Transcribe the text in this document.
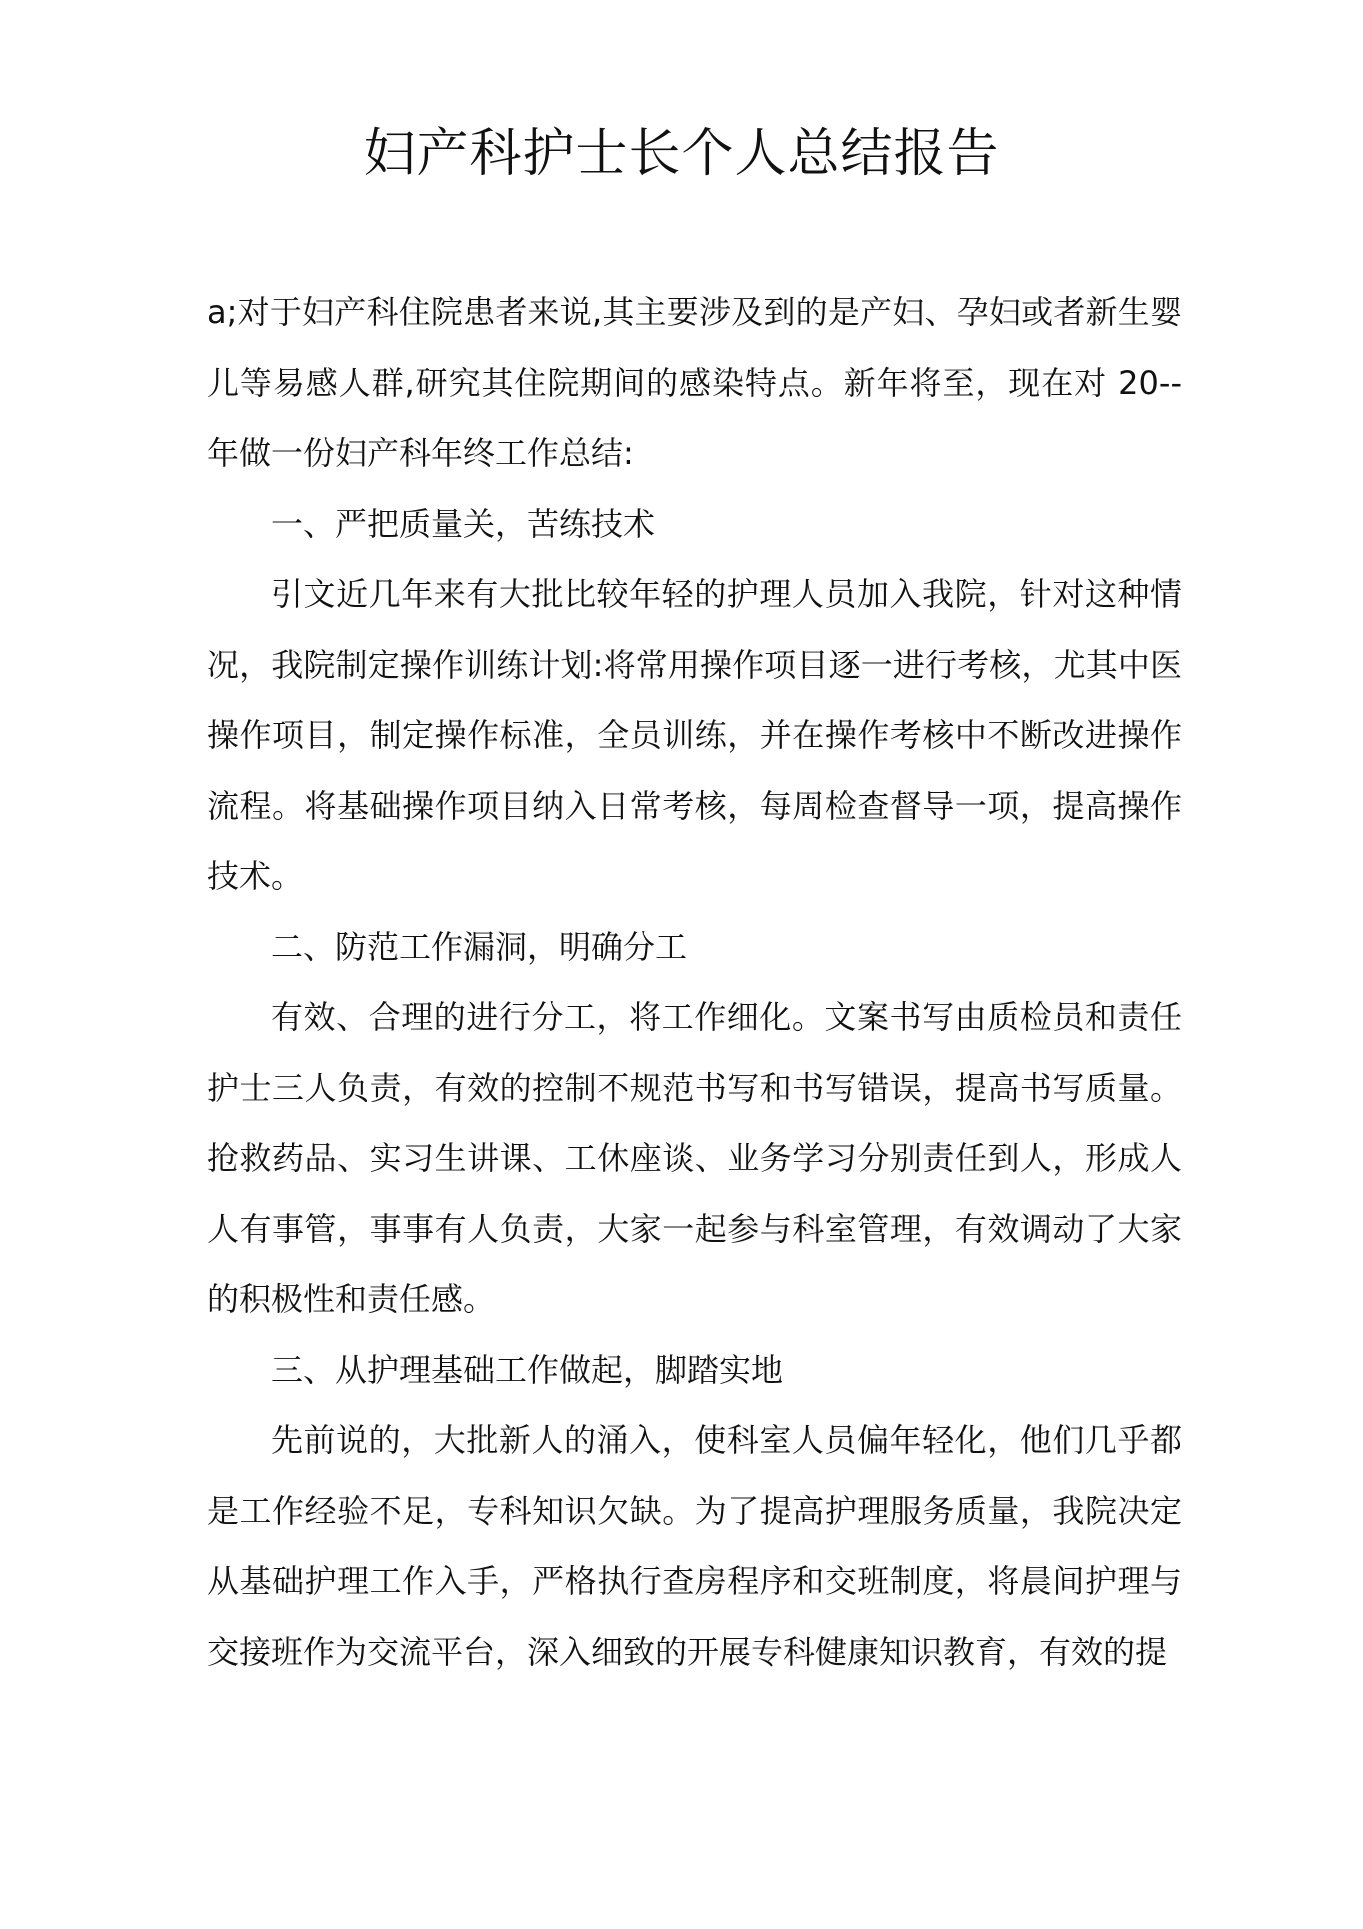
妇产科护士长个人总结报告

a;对于妇产科住院患者来说,其主要涉及到的是产妇、孕妇或者新生婴儿等易感人群,研究其住院期间的感染特点。新年将至，现在对 20--年做一份妇产科年终工作总结:

一、严把质量关，苦练技术

引文近几年来有大批比较年轻的护理人员加入我院，针对这种情况，我院制定操作训练计划:将常用操作项目逐一进行考核，尤其中医操作项目，制定操作标准，全员训练，并在操作考核中不断改进操作流程。将基础操作项目纳入日常考核，每周检查督导一项，提高操作技术。

二、防范工作漏洞，明确分工

有效、合理的进行分工，将工作细化。文案书写由质检员和责任护士三人负责，有效的控制不规范书写和书写错误，提高书写质量。抢救药品、实习生讲课、工休座谈、业务学习分别责任到人，形成人人有事管，事事有人负责，大家一起参与科室管理，有效调动了大家的积极性和责任感。

三、从护理基础工作做起，脚踏实地

先前说的，大批新人的涌入，使科室人员偏年轻化，他们几乎都是工作经验不足，专科知识欠缺。为了提高护理服务质量，我院决定从基础护理工作入手，严格执行查房程序和交班制度，将晨间护理与交接班作为交流平台，深入细致的开展专科健康知识教育，有效的提
